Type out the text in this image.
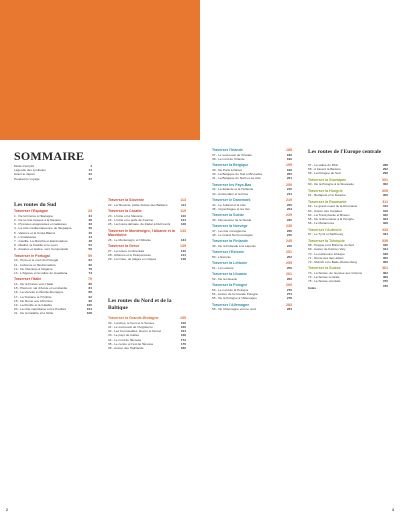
SOMMAIRE
Mode d'emploi	4
Légende des symboles	14
Avant le départ	22
Pendant le voyage	37
Les routes du Sud
Traverser l'Espagne	23
1 - De la France à l'Espagne	24
2 - De la côte basque à la Navarre	28
3 - Pyrénées aragonaises et catalanes	33
4 - La côte méditerranéenne de l'Espagne	36
5 - Valence et la Costa Blanca	40
6 - L'Andalousie	44
7 - Castille, La Mancha et Estrémadure	48
8 - Madrid, la Castille et le León	52
9 - Asturies et Galice, vers Compostelle	56
Traverser le Portugal	59
10 - Porto et le nord du Portugal	62
11 - Lisbonne et l'Estrémadure	66
12 - De l'Alentejo à l'Algarve	70
13 - L'Algarve et la vallée du Guadiana	74
Traverser l'Italie	79
14 - De la France vers l'Italie	80
15 - Piémont, val d'Aoste et Lombardie	84
16 - La Vénétie et l'Émilie-Romagne	88
17 - La Toscane et l'Ombrie	92
18 - De Rome aux Abruzzes	96
19 - La Pouille et la Calabre	100
20 - La côte napolitaine et les Pouilles	104
21 - De la Calabre à la Sicile	108
Traverser la Slovénie	113
22 - La Slovénie, petite Suisse des Balkans	114
Traverser la Croatie	119
23 - L'Istrie et la Slavonie	120
24 - L'Istrie et le golfe de Kvarner	124
25 - La riviera dalmate, de Zadar à Dubrovnik	128
Traverser le Monténégro, l'Albanie et la Macédoine
133
26 - Le Monténégro et l'Albanie	134
Traverser la Grèce	139
27 - La Grèce continentale	140
28 - Athènes et le Péloponnèse	144
29 - La Crète, de plages en criques	148
Les routes du Nord et de la Baltique
Traverser la Grande-Bretagne	155
30 - Londres, le Kent et le Sussex	156
31 - Le sud-ouest de l'Angleterre	160
32 - Les Cornouailles, Devon et Dorset	164
33 - Le pays de Galles	168
34 - Le nord de l'Écosse	172
35 - Le centre et l'est de l'Écosse	176
36 - Autour des Highlands	180
2
Traverser l'Irlande	185
37 - Le sud-ouest de l'Irlande	186
38 - Le nord de l'Irlande	190
Traverser la Belgique	195
39 - De Paris à Dinant	196
40 - La Belgique du Sud et Bruxelles	200
41 - La Belgique du Nord et sa côte	204
Traverser les Pays-Bas	209
42 - La Zélande et la Hollande	210
43 - Amsterdam et la Frise	214
Traverser le Danemark	219
44 - Le Jutland et la côte	220
45 - Copenhague et les îles	224
Traverser la Suède	229
46 - Découverte de la Suède	230
Traverser la Norvège	235
47 - La côte norvégienne	236
48 - Le Grand Nord norvégien	240
Traverser la Finlande	245
49 - De la Finlande à la Laponie	246
Traverser l'Estonie	251
50 - L'Estonie	252
Traverser la Lettonie	255
51 - La Lettonie	256
Traverser la Lituanie	261
52 - De la Lituanie	262
Traverser la Pologne	269
53 - Le nord de la Pologne	270
54 - Autour de la Grande Pologne	274
55 - De la Pologne à l'Allemagne	278
Traverser l'Allemagne	283
56 - De l'Allemagne vers le nord	284
Les routes de l'Europe centrale
57 - La vallée du Rhin	288
58 - A travers la Bavière	292
59 - La Pologne du Sud	296
Traverser la Slovaquie	301
60 - De la Pologne à la Slovaquie	302
Traverser la Hongrie	305
61 - Budapest et le Danube	306
Traverser la Roumanie	311
62 - Le grand ouest de la Roumanie	312
63 - Autour des Carpates	316
64 - La Transylvanie et Brasov	320
65 - De la Roumanie à la Hongrie	324
66 - Le Maramures	328
Traverser l'Autriche	333
67 - Le Tyrol et Salzbourg	334
Traverser la Tchéquie	339
68 - Prague et la Bohême du Sud	340
69 - Autour de Karlovy Vary	344
70 - Le patrimoine tchèque	348
71 - Route des lacs alpins	352
72 - Munich et le Bade-Wurtemberg	356
Traverser la Suisse	361
73 - La Suisse, de Genève aux Grisons	362
74 - La Suisse centrale	366
75 - La Suisse orientale	370
Index	376
3
